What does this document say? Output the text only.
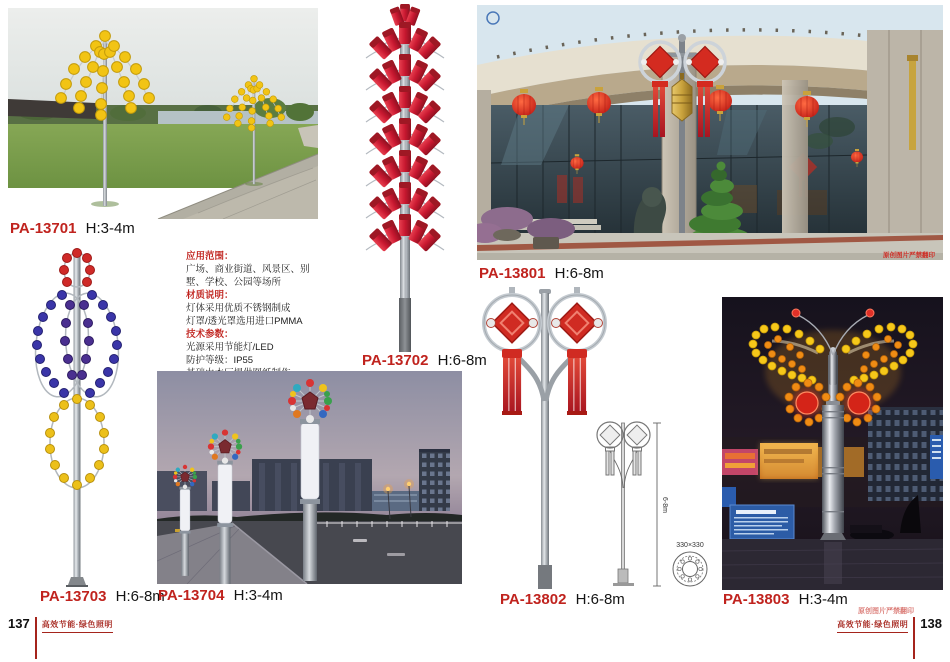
PA-13701 H:3-4m
应用范围：
广场、商业街道、风景区、别
墅、学校、公园等场所
材质说明：
灯体采用优质不锈钢制成
灯罩/透光罩选用进口PMMA
技术参数：
光源采用节能灯/LED
防护等级：IP55	PA-13702 H:6-8m
PA-13703 H:6-8m
PA-13704 H:3-4m
原创图片严禁翻印
PA-13801 H:6-8m
6-8m
330×330
PA-13802 H:6-8m	PA-13803 H:3-4m
原创图片严禁翻印
137 高效节能·绿色照明	高效节能·绿色照明 138
